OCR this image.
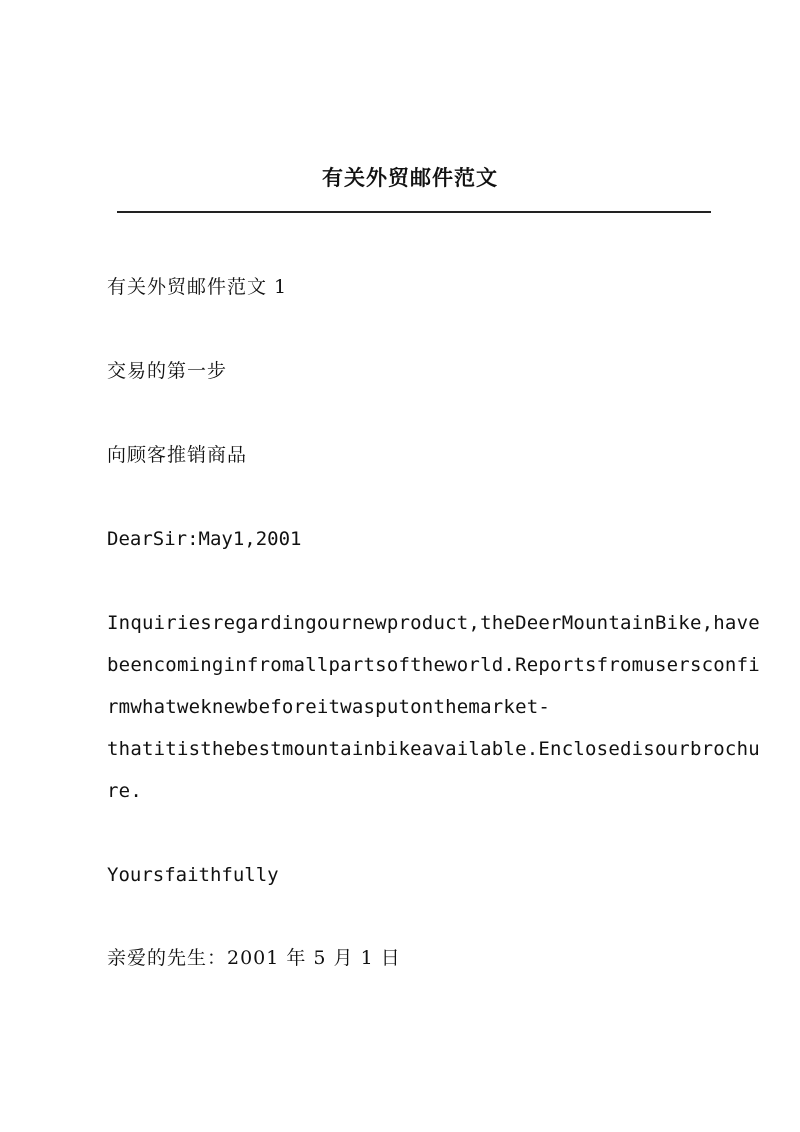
有关外贸邮件范文
有关外贸邮件范文 1
交易的第一步
向顾客推销商品
DearSir:May1,2001
Inquiriesregardingournewproduct,theDeerMountainBike,have
beencominginfromallpartsoftheworld.Reportsfromusersconfi
rmwhatweknewbeforeitwasputonthemarket-
thatitisthebestmountainbikeavailable.Enclosedisourbrochu
re.
Yoursfaithfully
亲爱的先生：2001 年 5 月 1 日
